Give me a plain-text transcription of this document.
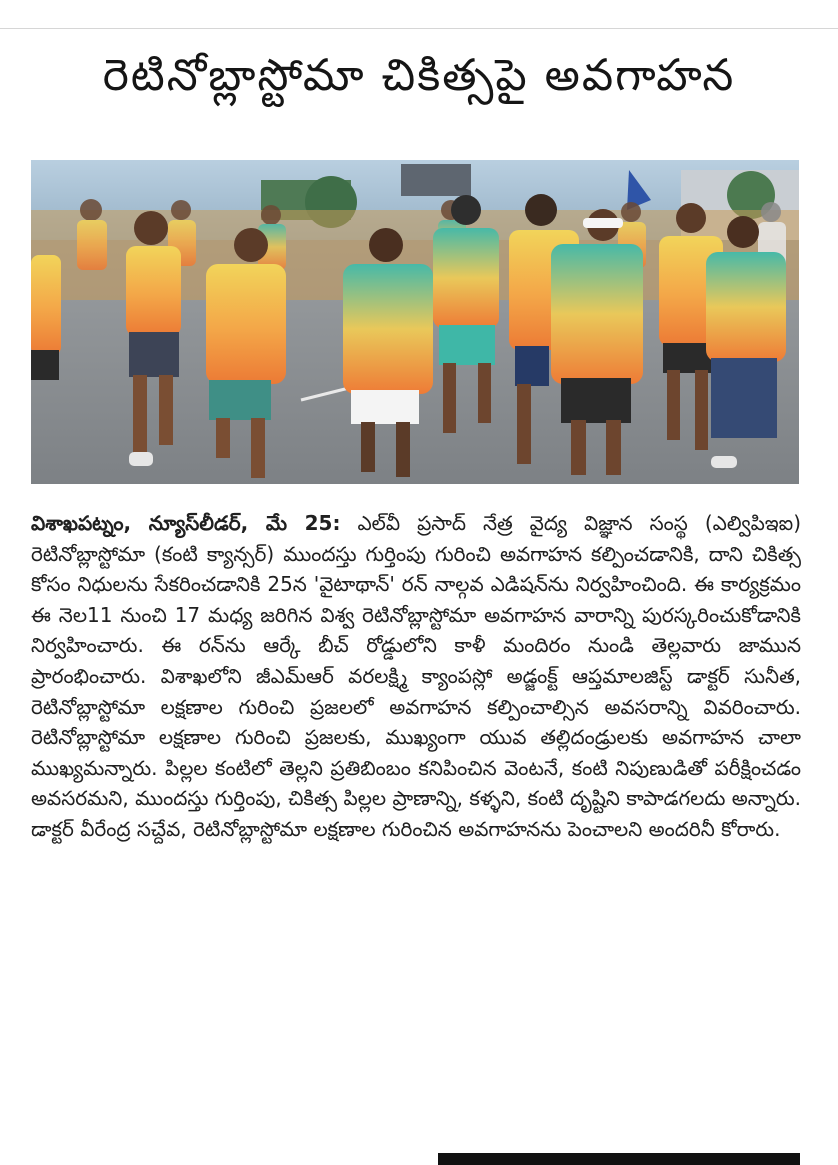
రెటినోబ్లాస్టోమా చికిత్సపై అవగాహన

విశాఖపట్నం, న్యూస్‌లీడర్, మే 25: ఎల్‌వీ ప్రసాద్ నేత్ర వైద్య విజ్ఞాన సంస్థ (ఎల్విపిఇఐ) రెటినోబ్లాస్టోమా (కంటి క్యాన్సర్) ముందస్తు గుర్తింపు గురించి అవగాహన కల్పించడానికి, దాని చికిత్స కోసం నిధులను సేకరించడానికి 25న 'వైటాథాన్' రన్ నాల్గవ ఎడిషన్‌ను నిర్వహించింది. ఈ కార్యక్రమం ఈ నెల11 నుంచి 17 మధ్య జరిగిన విశ్వ రెటినోబ్లాస్టోమా అవగాహన వారాన్ని పురస్కరించుకోడానికి నిర్వహించారు. ఈ రన్‌ను ఆర్కే బీచ్ రోడ్డులోని కాళీ మందిరం నుండి తెల్లవారు జామున ప్రారంభించారు. విశాఖలోని జీఎమ్‌ఆర్ వరలక్ష్మి క్యాంపస్లో అడ్జంక్ట్ ఆప్తమాలజిస్ట్ డాక్టర్ సునీత, రెటినోబ్లాస్టోమా లక్షణాల గురించి ప్రజలలో అవగాహన కల్పించాల్సిన అవసరాన్ని వివరించారు. రెటినోబ్లాస్టోమా లక్షణాల గురించి ప్రజలకు, ముఖ్యంగా యువ తల్లిదండ్రులకు అవగాహన చాలా ముఖ్యమన్నారు. పిల్లల కంటిలో తెల్లని ప్రతిబింబం కనిపించిన వెంటనే, కంటి నిపుణుడితో పరీక్షించడం అవసరమని, ముందస్తు గుర్తింపు, చికిత్స పిల్లల ప్రాణాన్ని, కళ్ళని, కంటి దృష్టిని కాపాడగలదు అన్నారు. డాక్టర్ వీరేంద్ర సచ్దేవ, రెటినోబ్లాస్టోమా లక్షణాల గురించిన అవగాహనను పెంచాలని అందరినీ కోరారు.
